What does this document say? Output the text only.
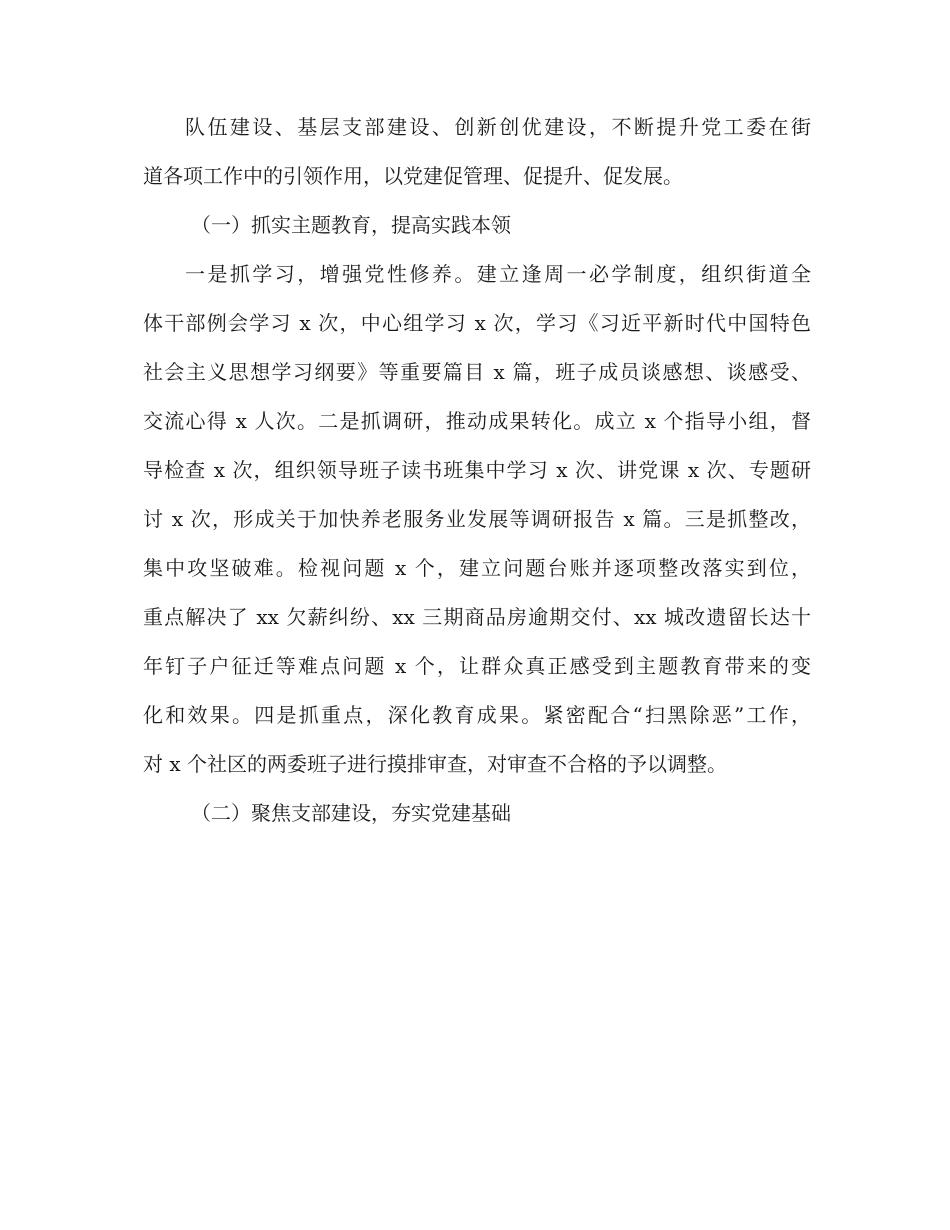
队伍建设、基层支部建设、创新创优建设，不断提升党工委在街
道各项工作中的引领作用，以党建促管理、促提升、促发展。
（一）抓实主题教育，提高实践本领
一是抓学习，增强党性修养。建立逢周一必学制度，组织街道全
体干部例会学习 x 次，中心组学习 x 次，学习《习近平新时代中国特色
社会主义思想学习纲要》等重要篇目 x 篇，班子成员谈感想、谈感受、
交流心得 x 人次。二是抓调研，推动成果转化。成立 x 个指导小组，督
导检查 x 次，组织领导班子读书班集中学习 x 次、讲党课 x 次、专题研
讨 x 次，形成关于加快养老服务业发展等调研报告 x 篇。三是抓整改，
集中攻坚破难。检视问题 x 个，建立问题台账并逐项整改落实到位，
重点解决了 xx 欠薪纠纷、xx 三期商品房逾期交付、xx 城改遗留长达十
年钉子户征迁等难点问题 x 个，让群众真正感受到主题教育带来的变
化和效果。四是抓重点，深化教育成果。紧密配合“扫黑除恶”工作，
对 x 个社区的两委班子进行摸排审查，对审查不合格的予以调整。
（二）聚焦支部建设，夯实党建基础
